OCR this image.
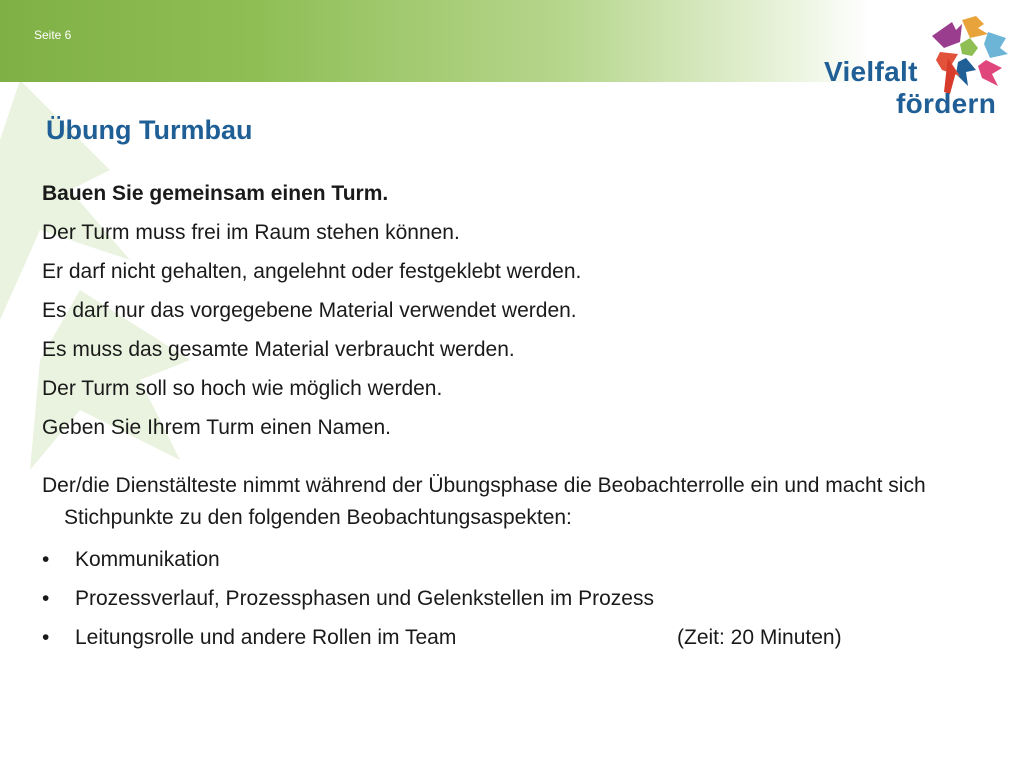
Seite 6
Vielfalt
fördern
Übung Turmbau
Bauen Sie gemeinsam einen Turm.
Der Turm muss frei im Raum stehen können.
Er darf nicht gehalten, angelehnt oder festgeklebt werden.
Es darf nur das vorgegebene Material verwendet werden.
Es muss das gesamte Material verbraucht werden.
Der Turm soll so hoch wie möglich werden.
Geben Sie Ihrem Turm einen Namen.
Der/die Dienstälteste nimmt während der Übungsphase die Beobachterrolle ein und macht sich Stichpunkte zu den folgenden Beobachtungsaspekten:
• Kommunikation
• Prozessverlauf, Prozessphasen und Gelenkstellen im Prozess
• Leitungsrolle und andere Rollen im Team	(Zeit: 20 Minuten)
